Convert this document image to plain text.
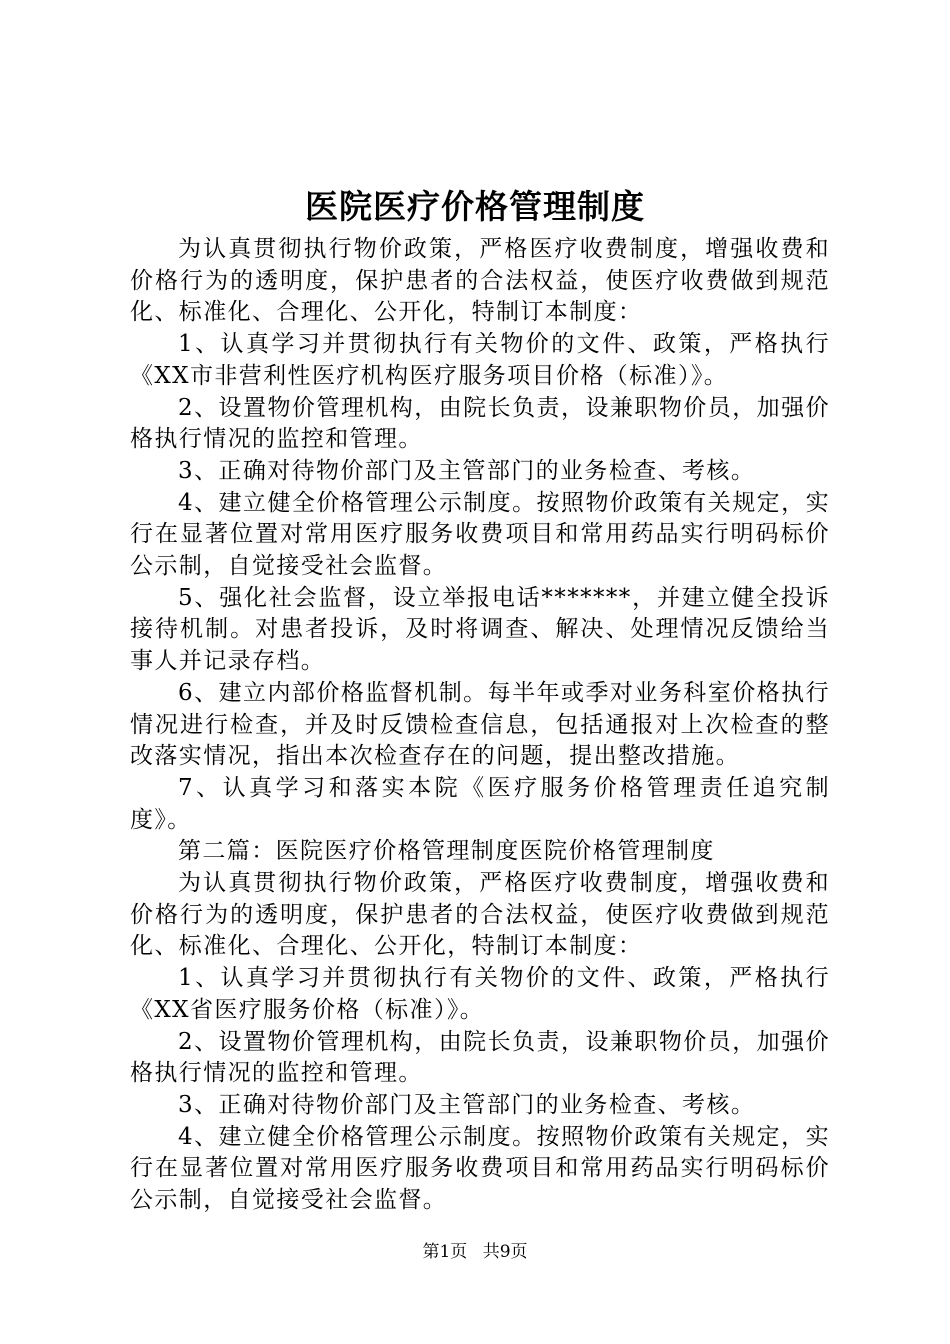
医院医疗价格管理制度

为认真贯彻执行物价政策，严格医疗收费制度，增强收费和价格行为的透明度，保护患者的合法权益，使医疗收费做到规范化、标准化、合理化、公开化，特制订本制度：

1、认真学习并贯彻执行有关物价的文件、政策，严格执行《XX市非营利性医疗机构医疗服务项目价格（标准）》。

2、设置物价管理机构，由院长负责，设兼职物价员，加强价格执行情况的监控和管理。

3、正确对待物价部门及主管部门的业务检查、考核。

4、建立健全价格管理公示制度。按照物价政策有关规定，实行在显著位置对常用医疗服务收费项目和常用药品实行明码标价公示制，自觉接受社会监督。

5、强化社会监督，设立举报电话*******，并建立健全投诉接待机制。对患者投诉，及时将调查、解决、处理情况反馈给当事人并记录存档。

6、建立内部价格监督机制。每半年或季对业务科室价格执行情况进行检查，并及时反馈检查信息，包括通报对上次检查的整改落实情况，指出本次检查存在的问题，提出整改措施。

7、认真学习和落实本院《医疗服务价格管理责任追究制度》。

第二篇：医院医疗价格管理制度医院价格管理制度

为认真贯彻执行物价政策，严格医疗收费制度，增强收费和价格行为的透明度，保护患者的合法权益，使医疗收费做到规范化、标准化、合理化、公开化，特制订本制度：

1、认真学习并贯彻执行有关物价的文件、政策，严格执行《XX省医疗服务价格（标准）》。

2、设置物价管理机构，由院长负责，设兼职物价员，加强价格执行情况的监控和管理。

3、正确对待物价部门及主管部门的业务检查、考核。

4、建立健全价格管理公示制度。按照物价政策有关规定，实行在显著位置对常用医疗服务收费项目和常用药品实行明码标价公示制，自觉接受社会监督。

第1页 共9页
